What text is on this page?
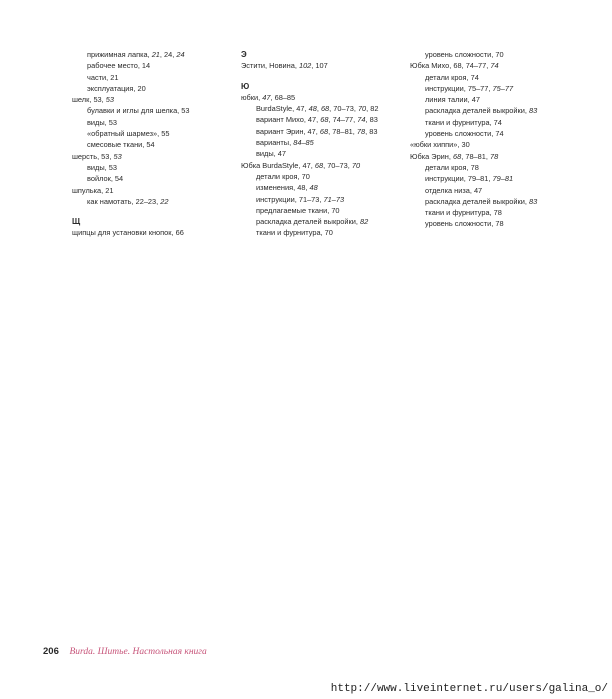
прижимная лапка, 21, 24, 24
рабочее место, 14
части, 21
эксплуатация, 20
шелк, 53, 53
булавки и иглы для шелка, 53
виды, 53
«обратный шармез», 55
смесовые ткани, 54
шерсть, 53, 53
виды, 53
войлок, 54
шпулька, 21
как намотать, 22–23, 22
Щ
щипцы для установки кнопок, 66
Э
Эстити, Новина, 102, 107
Ю
юбки, 47, 68–85
BurdaStyle, 47, 48, 68, 70–73, 70, 82
вариант Михо, 47, 68, 74–77, 74, 83
вариант Эрин, 47, 68, 78–81, 78, 83
варианты, 84–85
виды, 47
Юбка BurdaStyle, 47, 68, 70–73, 70
детали кроя, 70
изменения, 48, 48
инструкции, 71–73, 71–73
предлагаемые ткани, 70
раскладка деталей выкройки, 82
ткани и фурнитура, 70
уровень сложности, 70
Юбка Михо, 68, 74–77, 74
детали кроя, 74
инструкции, 75–77, 75–77
линия талии, 47
раскладка деталей выкройки, 83
ткани и фурнитура, 74
уровень сложности, 74
«юбки хиппи», 30
Юбка Эрин, 68, 78–81, 78
детали кроя, 78
инструкции, 79–81, 79–81
отделка низа, 47
раскладка деталей выкройки, 83
ткани и фурнитура, 78
уровень сложности, 78
206 Burda. Шитье. Настольная книга
http://www.liveinternet.ru/users/galina_o/
